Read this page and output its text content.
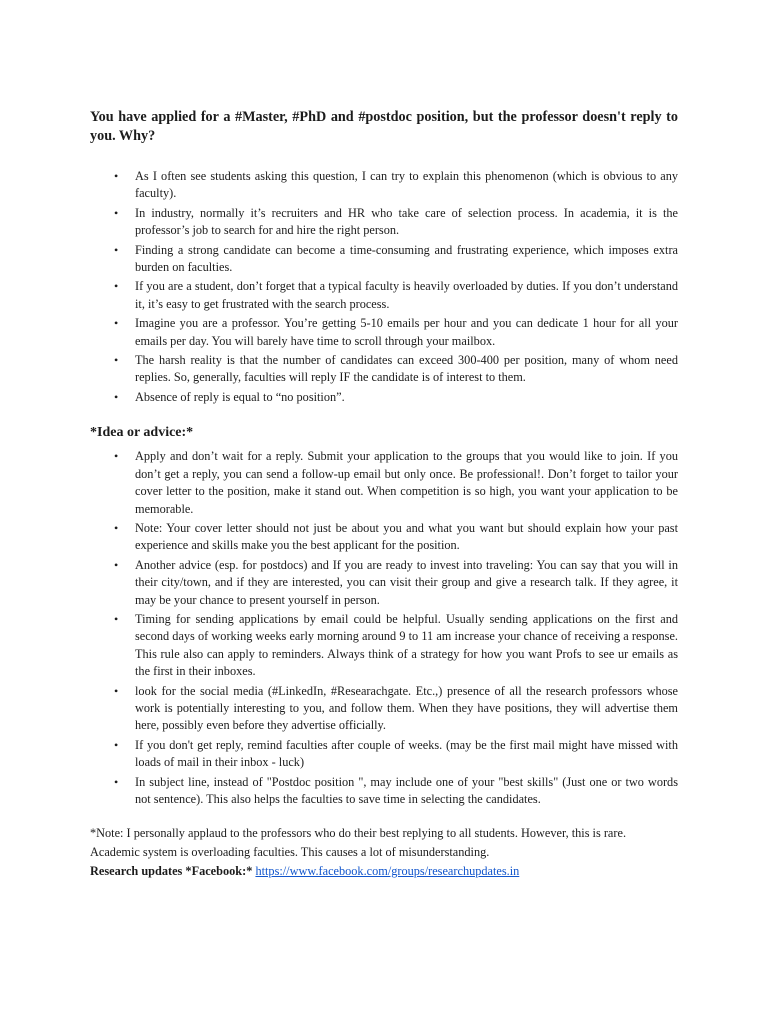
You have applied for a #Master, #PhD and #postdoc position, but the professor doesn't reply to you. Why?

• As I often see students asking this question, I can try to explain this phenomenon (which is obvious to any faculty).
• In industry, normally it’s recruiters and HR who take care of selection process. In academia, it is the professor’s job to search for and hire the right person.
• Finding a strong candidate can become a time-consuming and frustrating experience, which imposes extra burden on faculties.
• If you are a student, don’t forget that a typical faculty is heavily overloaded by duties. If you don’t understand it, it’s easy to get frustrated with the search process.
• Imagine you are a professor. You’re getting 5-10 emails per hour and you can dedicate 1 hour for all your emails per day. You will barely have time to scroll through your mailbox.
• The harsh reality is that the number of candidates can exceed 300-400 per position, many of whom need replies. So, generally, faculties will reply IF the candidate is of interest to them.
• Absence of reply is equal to “no position”.
*Idea or advice:*
• Apply and don’t wait for a reply. Submit your application to the groups that you would like to join. If you don’t get a reply, you can send a follow-up email but only once. Be professional!. Don’t forget to tailor your cover letter to the position, make it stand out. When competition is so high, you want your application to be memorable.
• Note: Your cover letter should not just be about you and what you want but should explain how your past experience and skills make you the best applicant for the position.
• Another advice (esp. for postdocs) and If you are ready to invest into traveling: You can say that you will in their city/town, and if they are interested, you can visit their group and give a research talk. If they agree, it may be your chance to present yourself in person.
• Timing for sending applications by email could be helpful. Usually sending applications on the first and second days of working weeks early morning around 9 to 11 am increase your chance of receiving a response. This rule also can apply to reminders. Always think of a strategy for how you want Profs to see ur emails as the first in their inboxes.
• look for the social media (#LinkedIn, #Researachgate. Etc.,) presence of all the research professors whose work is potentially interesting to you, and follow them. When they have positions, they will advertise them here, possibly even before they advertise officially.
• If you don't get reply, remind faculties after couple of weeks. (may be the first mail might have missed with loads of mail in their inbox - luck)
• In subject line, instead of "Postdoc position ", may include one of your "best skills" (Just one or two words not sentence). This also helps the faculties to save time in selecting the candidates.

*Note: I personally applaud to the professors who do their best replying to all students. However, this is rare.

Academic system is overloading faculties. This causes a lot of misunderstanding.

Research updates *Facebook:* https://www.facebook.com/groups/researchupdates.in
